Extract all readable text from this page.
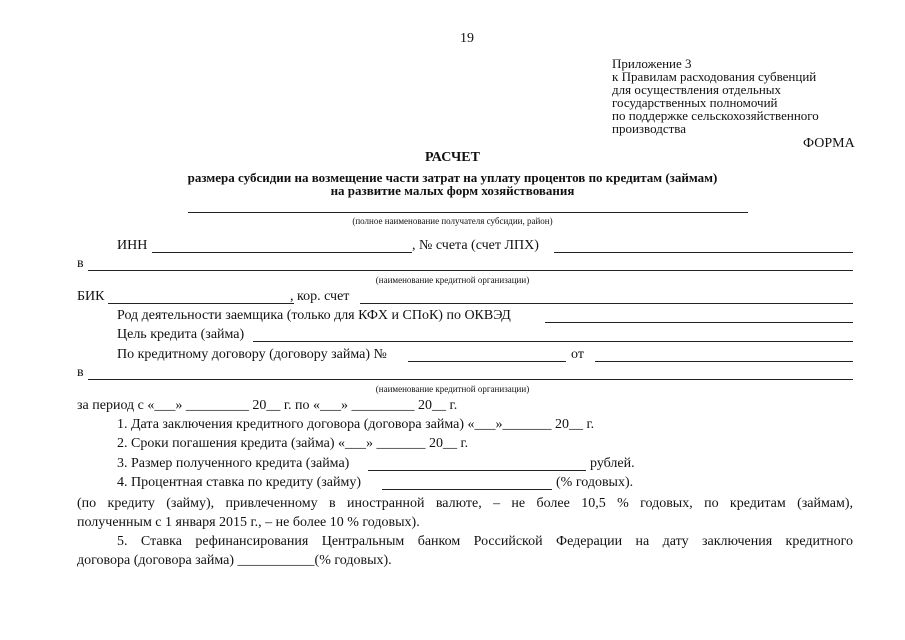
19
Приложение 3
к Правилам расходования субвенций
для осуществления отдельных
государственных полномочий
по поддержке сельскохозяйственного
производства
ФОРМА
РАСЧЕТ
размера субсидии на возмещение части затрат на уплату процентов по кредитам (займам)
на развитие малых форм хозяйствования
(полное наименование получателя субсидии, район)
ИНН	, № счета (счет ЛПХ)
в
(наименование кредитной организации)
БИК	, кор. счет
Род деятельности заемщика (только для КФХ и СПоК) по ОКВЭД
Цель кредита (займа)
По кредитному договору (договору займа) №	от
в
(наименование кредитной организации)
за период с «___» _________ 20__ г. по «___» _________ 20__ г.
1. Дата заключения кредитного договора (договора займа) «___»_______ 20__ г.
2. Сроки погашения кредита (займа) «___» _______ 20__ г.
3. Размер полученного кредита (займа)	рублей.
4. Процентная ставка по кредиту (займу)	(% годовых).
(по кредиту (займу), привлеченному в иностранной валюте, – не более 10,5 % годовых, по кредитам (займам),
полученным с 1 января 2015 г., – не более 10 % годовых).
5. Ставка рефинансирования Центральным банком Российской Федерации на дату заключения кредитного
договора (договора займа) ___________(% годовых).
